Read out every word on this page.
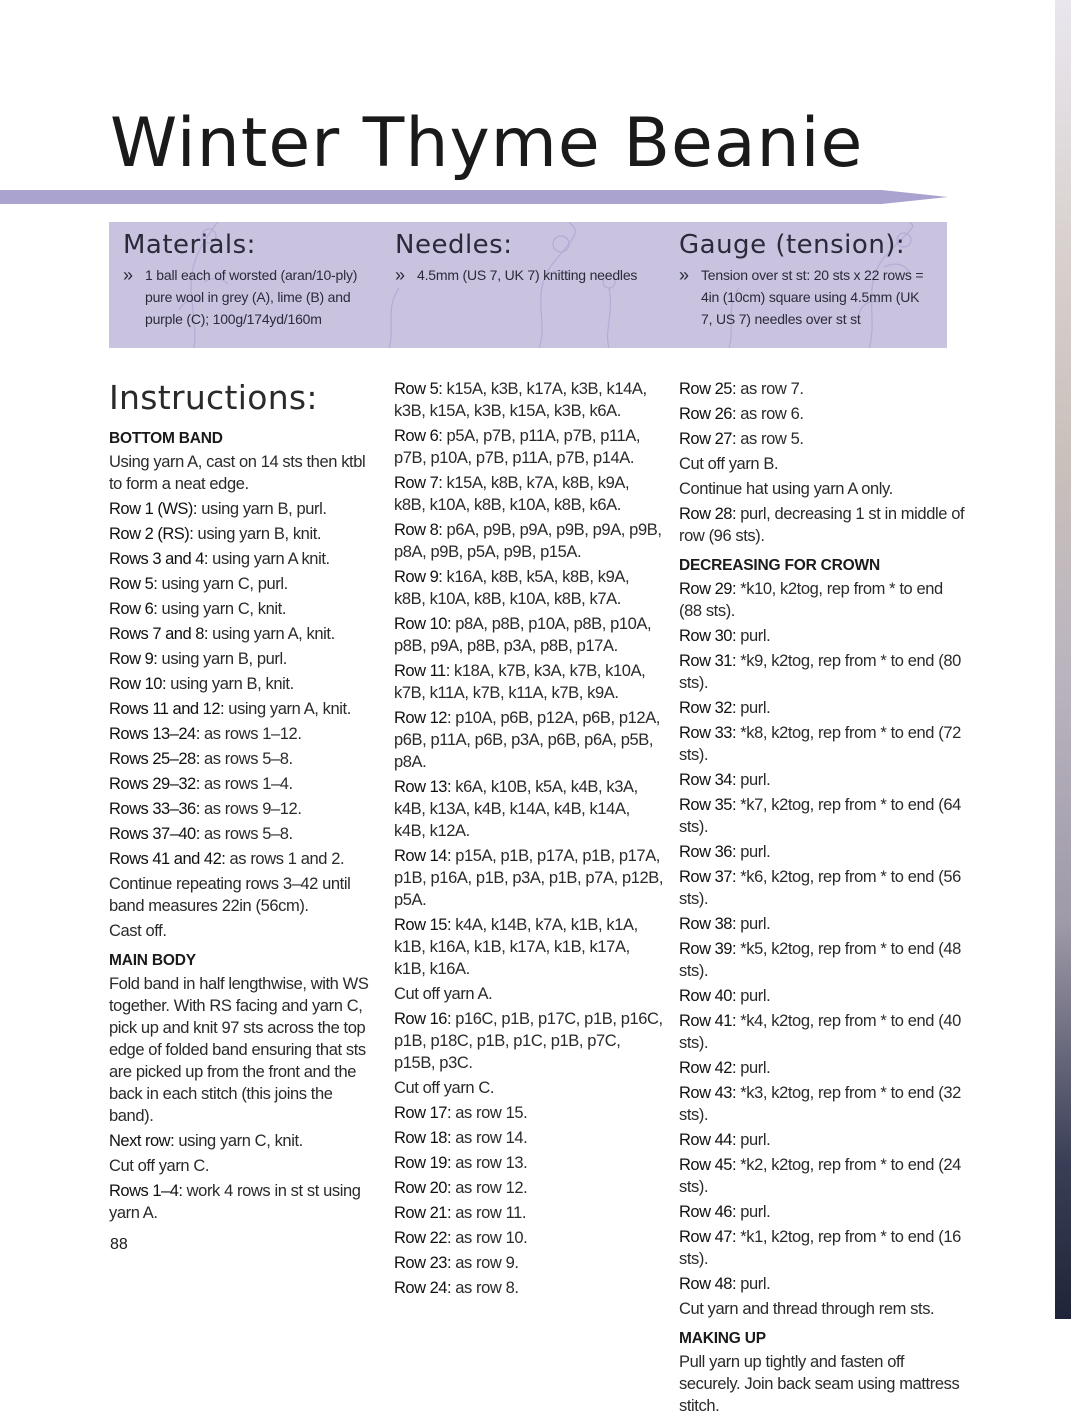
Winter Thyme Beanie
Materials:
» 1 ball each of worsted (aran/10-ply) pure wool in grey (A), lime (B) and purple (C); 100g/174yd/160m
Needles:
» 4.5mm (US 7, UK 7) knitting needles
Gauge (tension):
» Tension over st st: 20 sts x 22 rows = 4in (10cm) square using 4.5mm (UK 7, US 7) needles over st st
Instructions:

BOTTOM BAND

Using yarn A, cast on 14 sts then ktbl to form a neat edge.

Row 1 (WS): using yarn B, purl.

Row 2 (RS): using yarn B, knit.

Rows 3 and 4: using yarn A knit.

Row 5: using yarn C, purl.

Row 6: using yarn C, knit.

Rows 7 and 8: using yarn A, knit.

Row 9: using yarn B, purl.

Row 10: using yarn B, knit.

Rows 11 and 12: using yarn A, knit.

Rows 13–24: as rows 1–12.

Rows 25–28: as rows 5–8.

Rows 29–32: as rows 1–4.

Rows 33–36: as rows 9–12.

Rows 37–40: as rows 5–8.

Rows 41 and 42: as rows 1 and 2.

Continue repeating rows 3–42 until band measures 22in (56cm).

Cast off.

MAIN BODY

Fold band in half lengthwise, with WS together. With RS facing and yarn C, pick up and knit 97 sts across the top edge of folded band ensuring that sts are picked up from the front and the back in each stitch (this joins the band).

Next row: using yarn C, knit.

Cut off yarn C.

Rows 1–4: work 4 rows in st st using yarn A.

Row 5: k15A, k3B, k17A, k3B, k14A, k3B, k15A, k3B, k15A, k3B, k6A.

Row 6: p5A, p7B, p11A, p7B, p11A, p7B, p10A, p7B, p11A, p7B, p14A.

Row 7: k15A, k8B, k7A, k8B, k9A, k8B, k10A, k8B, k10A, k8B, k6A.

Row 8: p6A, p9B, p9A, p9B, p9A, p9B, p8A, p9B, p5A, p9B, p15A.

Row 9: k16A, k8B, k5A, k8B, k9A, k8B, k10A, k8B, k10A, k8B, k7A.

Row 10: p8A, p8B, p10A, p8B, p10A, p8B, p9A, p8B, p3A, p8B, p17A.

Row 11: k18A, k7B, k3A, k7B, k10A, k7B, k11A, k7B, k11A, k7B, k9A.

Row 12: p10A, p6B, p12A, p6B, p12A, p6B, p11A, p6B, p3A, p6B, p6A, p5B, p8A.

Row 13: k6A, k10B, k5A, k4B, k3A, k4B, k13A, k4B, k14A, k4B, k14A, k4B, k12A.

Row 14: p15A, p1B, p17A, p1B, p17A, p1B, p16A, p1B, p3A, p1B, p7A, p12B, p5A.

Row 15: k4A, k14B, k7A, k1B, k1A, k1B, k16A, k1B, k17A, k1B, k17A, k1B, k16A.

Cut off yarn A.

Row 16: p16C, p1B, p17C, p1B, p16C, p1B, p18C, p1B, p1C, p1B, p7C, p15B, p3C.

Cut off yarn C.

Row 17: as row 15.

Row 18: as row 14.

Row 19: as row 13.

Row 20: as row 12.

Row 21: as row 11.

Row 22: as row 10.

Row 23: as row 9.

Row 24: as row 8.

Row 25: as row 7.

Row 26: as row 6.

Row 27: as row 5.

Cut off yarn B.

Continue hat using yarn A only.

Row 28: purl, decreasing 1 st in middle of row (96 sts).

DECREASING FOR CROWN

Row 29: *k10, k2tog, rep from * to end (88 sts).

Row 30: purl.

Row 31: *k9, k2tog, rep from * to end (80 sts).

Row 32: purl.

Row 33: *k8, k2tog, rep from * to end (72 sts).

Row 34: purl.

Row 35: *k7, k2tog, rep from * to end (64 sts).

Row 36: purl.

Row 37: *k6, k2tog, rep from * to end (56 sts).

Row 38: purl.

Row 39: *k5, k2tog, rep from * to end (48 sts).

Row 40: purl.

Row 41: *k4, k2tog, rep from * to end (40 sts).

Row 42: purl.

Row 43: *k3, k2tog, rep from * to end (32 sts).

Row 44: purl.

Row 45: *k2, k2tog, rep from * to end (24 sts).

Row 46: purl.

Row 47: *k1, k2tog, rep from * to end (16 sts).

Row 48: purl.

Cut yarn and thread through rem sts.

MAKING UP

Pull yarn up tightly and fasten off securely. Join back seam using mattress stitch.

88
